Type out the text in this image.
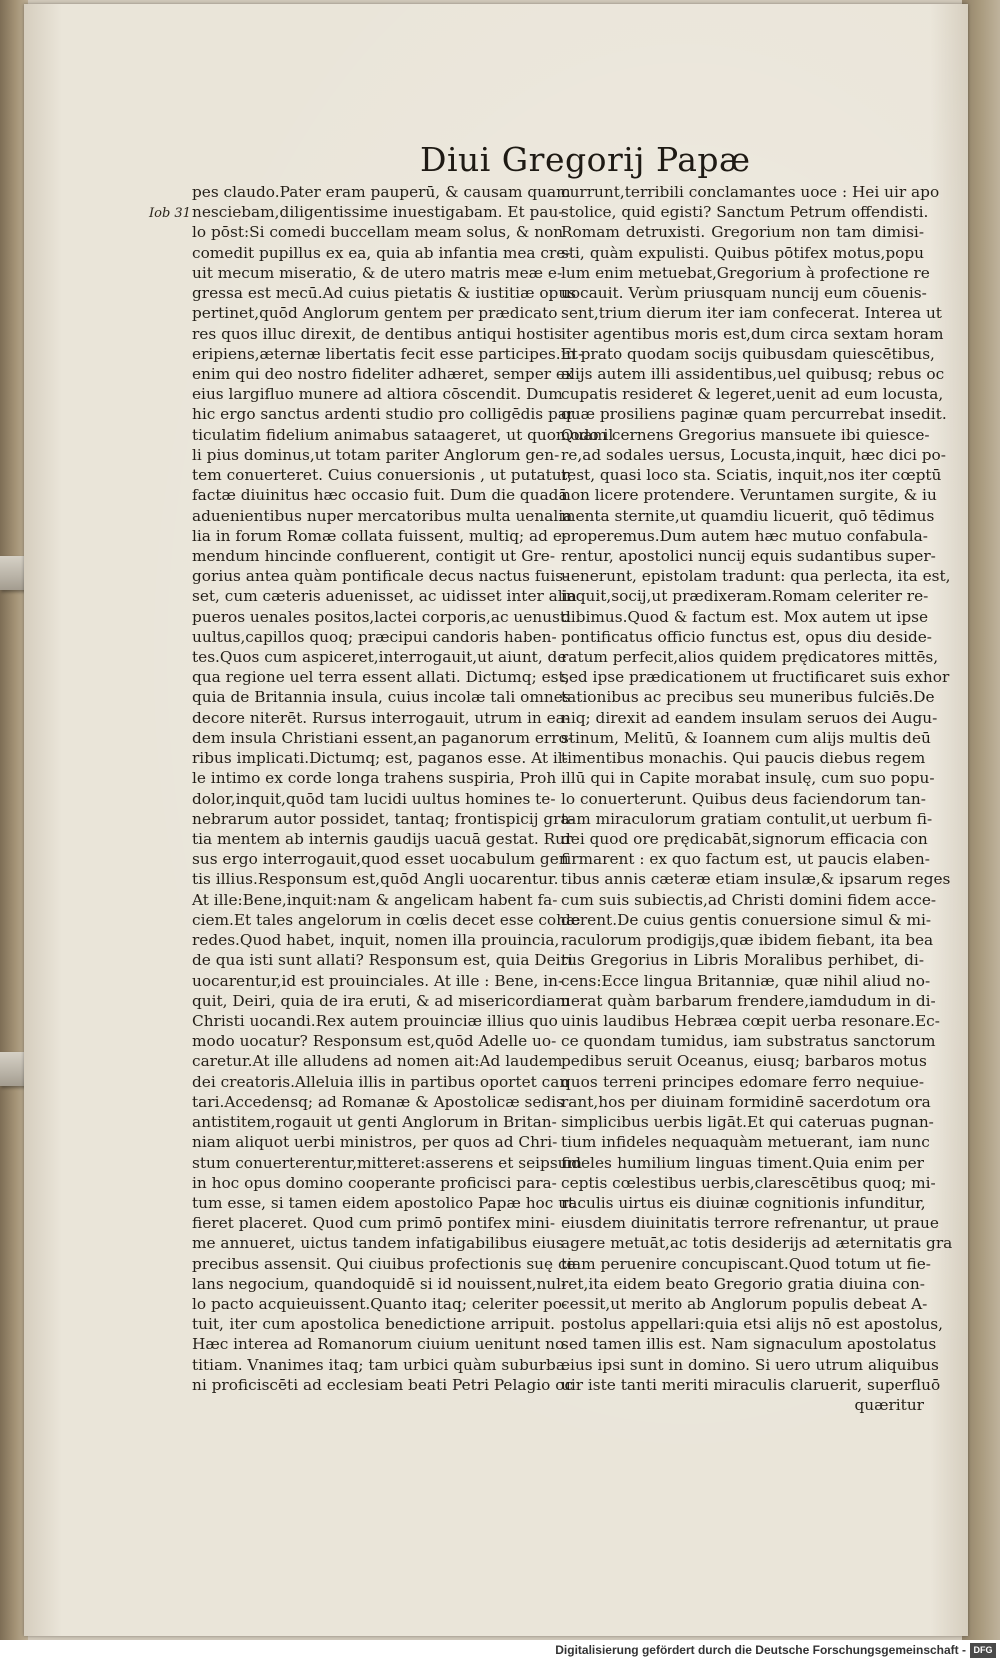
Diui Gregorij Papæ
Iob 31
pes claudo.Pater eram pauperū, & causam quam
nesciebam,diligentissime inuestigabam. Et pau-
lo pōst:Si comedi buccellam meam solus, & non
comedit pupillus ex ea, quia ab infantia mea cre-
uit mecum miseratio, & de utero matris meæ e-
gressa est mecū.Ad cuius pietatis & iustitiæ opus
pertinet,quōd Anglorum gentem per prædicato
res quos illuc direxit, de dentibus antiqui hostis
eripiens,æternæ libertatis fecit esse participes.Et-
enim qui deo nostro fideliter adhæret, semper ex
eius largifluo munere ad altiora cōscendit. Dum
hic ergo sanctus ardenti studio pro colligēdis par
ticulatim fidelium animabus sataageret, ut quomodo il
li pius dominus,ut totam pariter Anglorum gen-
tem conuerteret. Cuius conuersionis , ut putatur,
factæ diuinitus hæc occasio fuit. Dum die quadā
aduenientibus nuper mercatoribus multa uenalia
lia in forum Romæ collata fuissent, multiq; ad e-
mendum hincinde confluerent, contigit ut Gre-
gorius antea quàm pontificale decus nactus fuis-
set, cum cæteris aduenisset, ac uidisset inter alia
pueros uenales positos,lactei corporis,ac uenusti
uultus,capillos quoq; præcipui candoris haben-
tes.Quos cum aspiceret,interrogauit,ut aiunt, de
qua regione uel terra essent allati. Dictumq; est,
quia de Britannia insula, cuius incolæ tali omnes
decore niterēt. Rursus interrogauit, utrum in ea-
dem insula Christiani essent,an paganorum erro-
ribus implicati.Dictumq; est, paganos esse. At il-
le intimo ex corde longa trahens suspiria, Proh
dolor,inquit,quōd tam lucidi uultus homines te-
nebrarum autor possidet, tantaq; frontispicij gra-
tia mentem ab internis gaudijs uacuā gestat. Rur
sus ergo interrogauit,quod esset uocabulum gen
tis illius.Responsum est,quōd Angli uocarentur.
At ille:Bene,inquit:nam & angelicam habent fa-
ciem.Et tales angelorum in cœlis decet esse cohæ
redes.Quod habet, inquit, nomen illa prouincia,
de qua isti sunt allati? Responsum est, quia Deiri
uocarentur,id est prouinciales. At ille : Bene, in-
quit, Deiri, quia de ira eruti, & ad misericordiam
Christi uocandi.Rex autem prouinciæ illius quo
modo uocatur? Responsum est,quōd Adelle uo-
caretur.At ille alludens ad nomen ait:Ad laudem
dei creatoris.Alleluia illis in partibus oportet can
tari.Accedensq; ad Romanæ & Apostolicæ sedis
antistitem,rogauit ut genti Anglorum in Britan-
niam aliquot uerbi ministros, per quos ad Chri-
stum conuerterentur,mitteret:asserens et seipsum
in hoc opus domino cooperante proficisci para-
tum esse, si tamen eidem apostolico Papæ hoc ut
fieret placeret. Quod cum primō pontifex mini-
me annueret, uictus tandem infatigabilibus eius
precibus assensit. Qui ciuibus profectionis suę ce
lans negocium, quandoquidē si id nouissent,nul-
lo pacto acquieuissent.Quanto itaq; celeriter po-
tuit, iter cum apostolica benedictione arripuit.
Hæc interea ad Romanorum ciuium uenitunt no
titiam. Vnanimes itaq; tam urbici quàm suburba
ni proficiscēti ad ecclesiam beati Petri Pelagio oc
currunt,terribili conclamantes uoce : Hei uir apo
stolice, quid egisti? Sanctum Petrum offendisti.
Romam detruxisti. Gregorium non tam dimisi-
sti, quàm expulisti. Quibus pōtifex motus,popu
lum enim metuebat,Gregorium à profectione re
uocauit. Verùm priusquam nuncij eum cōuenis-
sent,trium dierum iter iam confecerat. Interea ut
iter agentibus moris est,dum circa sextam horam
in prato quodam socijs quibusdam quiescētibus,
alijs autem illi assidentibus,uel quibusq; rebus oc
cupatis resideret & legeret,uenit ad eum locusta,
quæ prosiliens paginæ quam percurrebat insedit.
Quam cernens Gregorius mansuete ibi quiesce-
re,ad sodales uersus, Locusta,inquit, hæc dici po-
test, quasi loco sta. Sciatis, inquit,nos iter cœptū
non licere protendere. Veruntamen surgite, & iu
menta sternite,ut quamdiu licuerit, quō tēdimus
properemus.Dum autem hæc mutuo confabula-
rentur, apostolici nuncij equis sudantibus super-
uenerunt, epistolam tradunt: qua perlecta, ita est,
inquit,socij,ut prædixeram.Romam celeriter re-
dibimus.Quod & factum est. Mox autem ut ipse
pontificatus officio functus est, opus diu deside-
ratum perfecit,alios quidem prędicatores mittēs,
sed ipse prædicationem ut fructificaret suis exhor
tationibus ac precibus seu muneribus fulciēs.De
niq; direxit ad eandem insulam seruos dei Augu-
stinum, Melitū, & Ioannem cum alijs multis deū
timentibus monachis. Qui paucis diebus regem
illū qui in Capite morabat insulę, cum suo popu-
lo conuerterunt. Quibus deus faciendorum tan-
tam miraculorum gratiam contulit,ut uerbum fi-
dei quod ore prędicabāt,signorum efficacia con
firmarent : ex quo factum est, ut paucis elaben-
tibus annis cæteræ etiam insulæ,& ipsarum reges
cum suis subiectis,ad Christi domini fidem acce-
derent.De cuius gentis conuersione simul & mi-
raculorum prodigijs,quæ ibidem fiebant, ita bea
tus Gregorius in Libris Moralibus perhibet, di-
cens:Ecce lingua Britanniæ, quæ nihil aliud no-
uerat quàm barbarum frendere,iamdudum in di-
uinis laudibus Hebræa cœpit uerba resonare.Ec-
ce quondam tumidus, iam substratus sanctorum
pedibus seruit Oceanus, eiusq; barbaros motus
quos terreni principes edomare ferro nequiue-
rant,hos per diuinam formidinē sacerdotum ora
simplicibus uerbis ligāt.Et qui cateruas pugnan-
tium infideles nequaquàm metuerant, iam nunc
fideles humilium linguas timent.Quia enim per
ceptis cœlestibus uerbis,clarescētibus quoq; mi-
raculis uirtus eis diuinæ cognitionis infunditur,
eiusdem diuinitatis terrore refrenantur, ut praue
agere metuāt,ac totis desiderijs ad æternitatis gra
tiam peruenire concupiscant.Quod totum ut fie-
ret,ita eidem beato Gregorio gratia diuina con-
cessit,ut merito ab Anglorum populis debeat A-
postolus appellari:quia etsi alijs nō est apostolus,
sed tamen illis est. Nam signaculum apostolatus
eius ipsi sunt in domino. Si uero utrum aliquibus
uir iste tanti meriti miraculis claruerit, superfluō
quæritur
Digitalisierung gefördert durch die Deutsche Forschungsgemeinschaft - DFG
